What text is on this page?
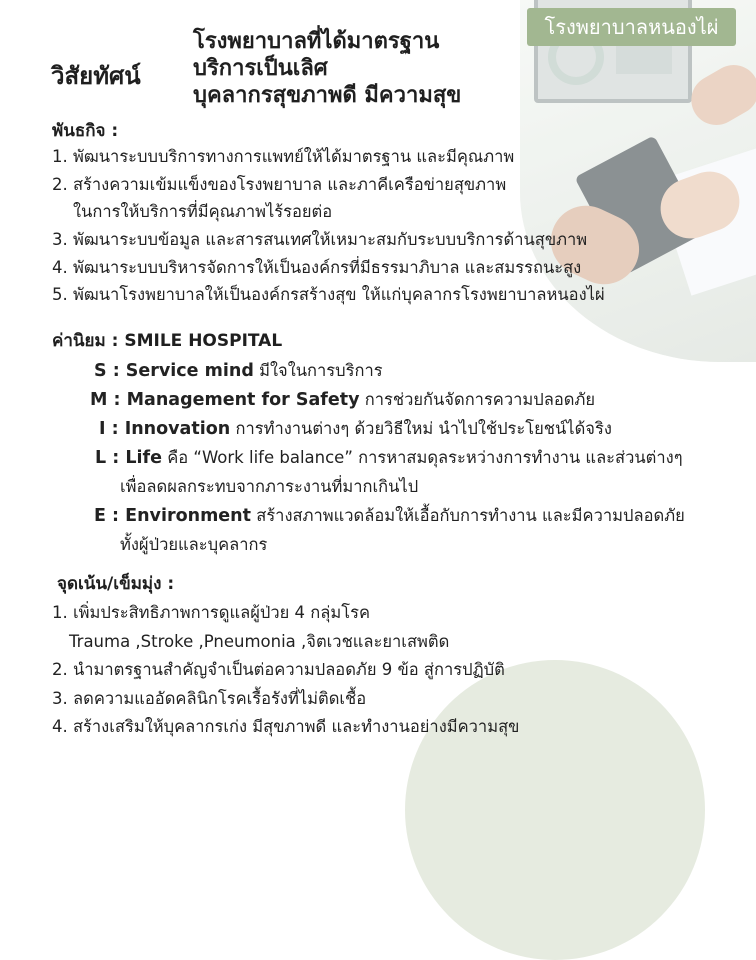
โรงพยาบาลหนองไผ่
วิสัยทัศน์
โรงพยาบาลที่ได้มาตรฐาน
บริการเป็นเลิศ
บุคลากรสุขภาพดี มีความสุข
พันธกิจ :
1. พัฒนาระบบบริการทางการแพทย์ให้ได้มาตรฐาน และมีคุณภาพ
2. สร้างความเข้มแข็งของโรงพยาบาล และภาคีเครือข่ายสุขภาพ
ในการให้บริการที่มีคุณภาพไร้รอยต่อ
3. พัฒนาระบบข้อมูล และสารสนเทศให้เหมาะสมกับระบบบริการด้านสุขภาพ
4. พัฒนาระบบบริหารจัดการให้เป็นองค์กรที่มีธรรมาภิบาล และสมรรถนะสูง
5. พัฒนาโรงพยาบาลให้เป็นองค์กรสร้างสุข ให้แก่บุคลากรโรงพยาบาลหนองไผ่
ค่านิยม : SMILE HOSPITAL
S : Service mind มีใจในการบริการ
M : Management for Safety การช่วยกันจัดการความปลอดภัย
I : Innovation การทำงานต่างๆ ด้วยวิธีใหม่ นำไปใช้ประโยชน์ได้จริง
L : Life คือ “Work life balance” การหาสมดุลระหว่างการทำงาน และส่วนต่างๆ
เพื่อลดผลกระทบจากภาระงานที่มากเกินไป
E : Environment สร้างสภาพแวดล้อมให้เอื้อกับการทำงาน และมีความปลอดภัย
ทั้งผู้ป่วยและบุคลากร
จุดเน้น/เข็มมุ่ง :
1. เพิ่มประสิทธิภาพการดูแลผู้ป่วย 4 กลุ่มโรค
Trauma ,Stroke ,Pneumonia ,จิตเวชและยาเสพติด
2. นำมาตรฐานสำคัญจำเป็นต่อความปลอดภัย 9 ข้อ สู่การปฏิบัติ
3. ลดความแออัดคลินิกโรคเรื้อรังที่ไม่ติดเชื้อ
4. สร้างเสริมให้บุคลากรเก่ง มีสุขภาพดี และทำงานอย่างมีความสุข
